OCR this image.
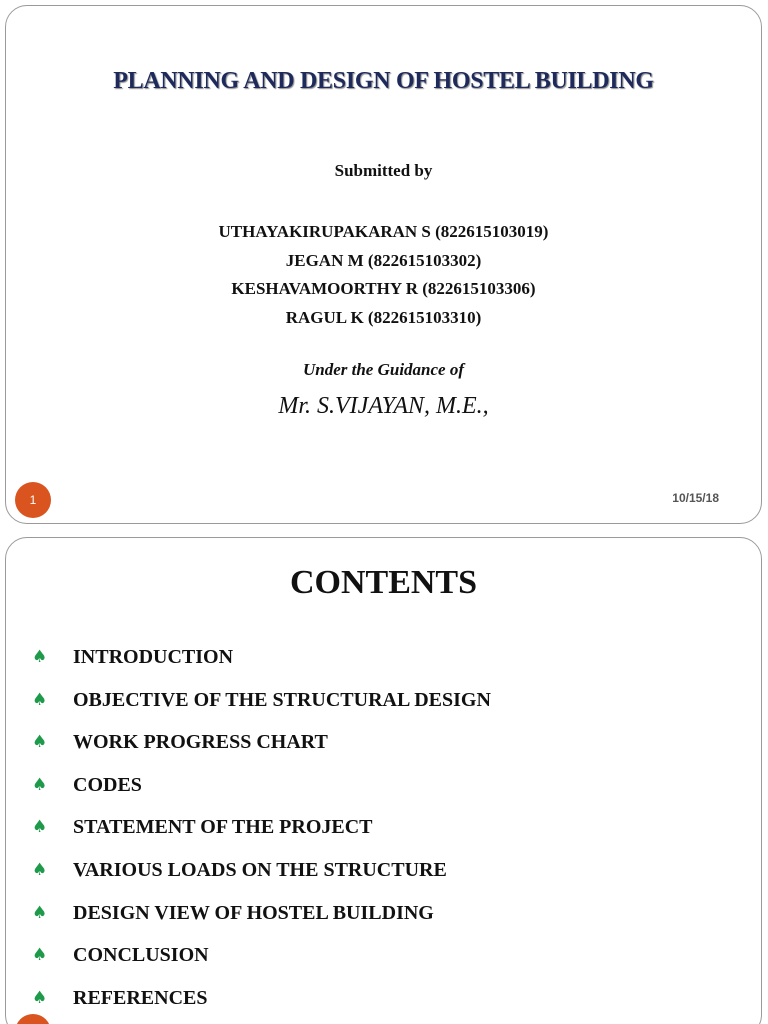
PLANNING AND DESIGN OF HOSTEL BUILDING
Submitted by
UTHAYAKIRUPAKARAN S (822615103019)
JEGAN M (822615103302)
KESHAVAMOORTHY R (822615103306)
RAGUL K (822615103310)
Under the Guidance of
Mr. S.VIJAYAN, M.E.,
1	10/15/18
CONTENTS
♠	INTRODUCTION
♠	OBJECTIVE OF THE STRUCTURAL DESIGN
♠	WORK PROGRESS CHART
♠	CODES
♠	STATEMENT OF THE PROJECT
♠	VARIOUS LOADS ON THE STRUCTURE
♠	DESIGN VIEW OF HOSTEL BUILDING
♠	CONCLUSION
♠	REFERENCES
